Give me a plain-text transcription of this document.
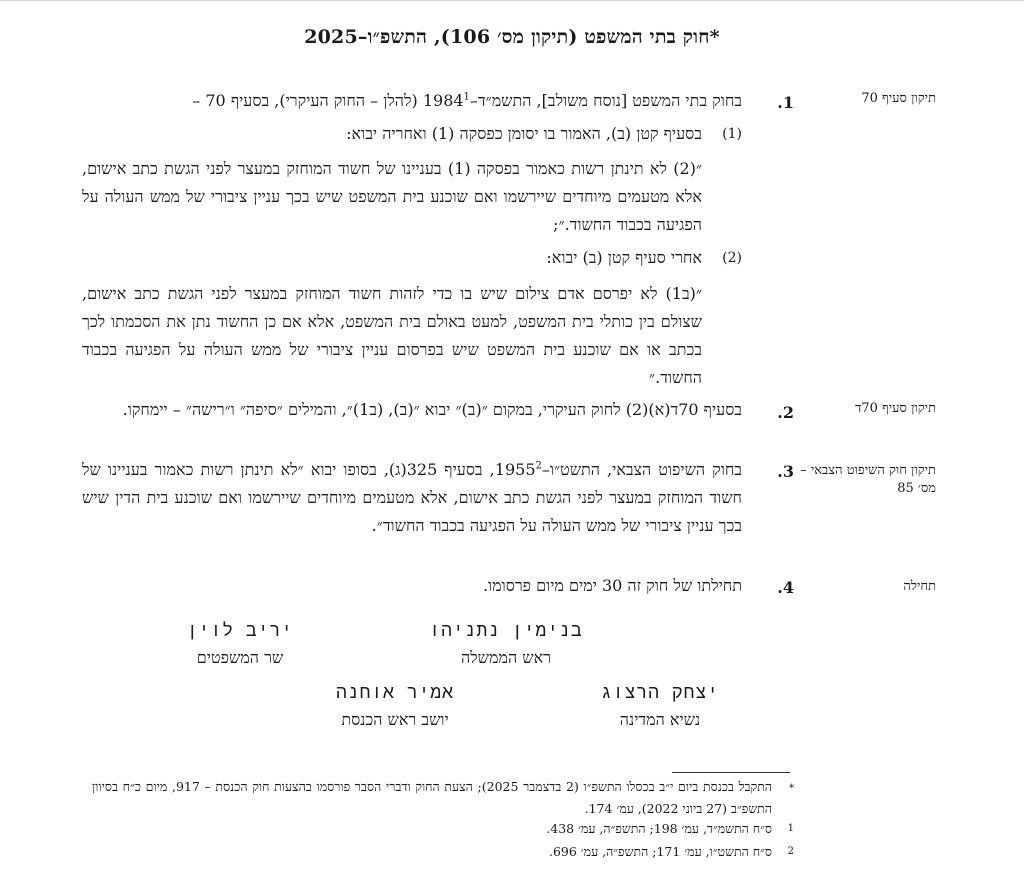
חוק בתי המשפט (תיקון מס׳ 106), התשפ״ו–2025*
תיקון סעיף 70
1.

בחוק בתי המשפט [נוסח משולב], התשמ״ד–1984$^1$ (להלן – החוק העיקרי), בסעיף 70 –

(1)

בסעיף קטן (ב), האמור בו יסומן כפסקה (1) ואחריה יבוא:

״(2) לא תינתן רשות כאמור בפסקה (1) בעניינו של חשוד המוחזק במעצר לפני הגשת כתב אישום, אלא מטעמים מיוחדים שיירשמו ואם שוכנע בית המשפט שיש בכך עניין ציבורי של ממש העולה על הפגיעה בכבוד החשוד.״;

(2)

אחרי סעיף קטן (ב) יבוא:

״(ב1) לא יפרסם אדם צילום שיש בו כדי לזהות חשוד המוחזק במעצר לפני הגשת כתב אישום, שצולם בין כותלי בית המשפט, למעט באולם בית המשפט, אלא אם כן החשוד נתן את הסכמתו לכך בכתב או אם שוכנע בית המשפט שיש בפרסום עניין ציבורי של ממש העולה על הפגיעה בכבוד החשוד.״

תיקון סעיף 70ד
2.

בסעיף 70ד(א)(2) לחוק העיקרי, במקום ״(ב)״ יבוא ״(ב), (ב1)״, והמילים ״סיפה״ ו״רישה״ – יימחקו.

תיקון חוק השיפוט הצבאי – מס׳ 85
3.

בחוק השיפוט הצבאי, התשט״ו–1955$^2$, בסעיף 325(ג), בסופו יבוא ״לא תינתן רשות כאמור בעניינו של חשוד המוחזק במעצר לפני הגשת כתב אישום, אלא מטעמים מיוחדים שיירשמו ואם שוכנע בית הדין שיש בכך עניין ציבורי של ממש העולה על הפגיעה בכבוד החשוד״.

תחילה
4.

תחילתו של חוק זה 30 ימים מיום פרסומו.

בנימין נתניהו
ראש הממשלה
יריב לוין
שר המשפטים
יצחק הרצוג
נשיא המדינה
אמיר אוחנה
יושב ראש הכנסת
*

התקבל בכנסת ביום י״ב בכסלו התשפ״ו (2 בדצמבר 2025); הצעת החוק ודברי הסבר פורסמו בהצעות חוק הכנסת – 917, מיום כ״ח בסיוון התשפ״ב (27 ביוני 2022), עמ׳ 174.

1

ס״ח התשמ״ד, עמ׳ 198; התשפ״ה, עמ׳ 438.

2

ס״ח התשט״ו, עמ׳ 171; התשפ״ה, עמ׳ 696.
